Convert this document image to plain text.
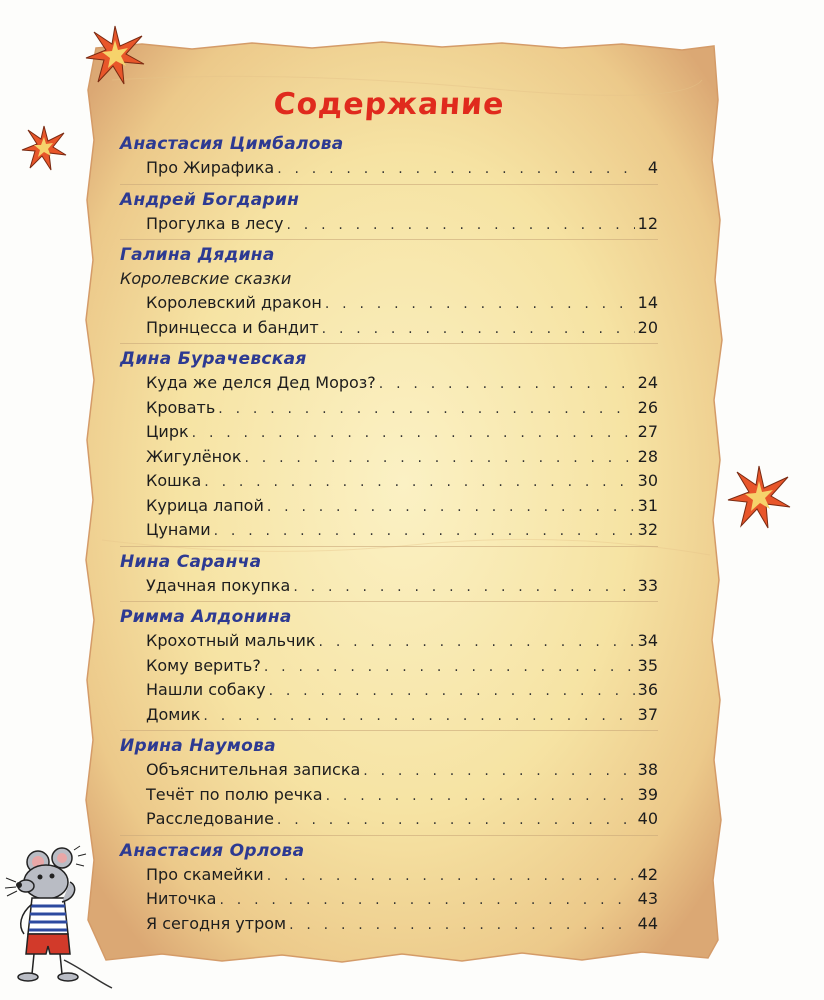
Содержание
Анастасия Цимбалова
Про Жирафика . . .	4
Андрей Богдарин
Прогулка в лесу . . .	12
Галина Дядина
Королевские сказки
Королевский дракон . . .	14
Принцесса и бандит . . .	20
Дина Бурачевская
Куда же делся Дед Мороз? . . .	24
Кровать . . .	26
Цирк . . .	27
Жигулёнок . . .	28
Кошка . . .	30
Курица лапой . . .	31
Цунами . . .	32
Нина Саранча
Удачная покупка . . .	33
Римма Алдонина
Крохотный мальчик . . .	34
Кому верить? . . .	35
Нашли собаку . . .	36
Домик . . .	37
Ирина Наумова
Объяснительная записка . . .	38
Течёт по полю речка . . .	39
Расследование . . .	40
Анастасия Орлова
Про скамейки . . .	42
Ниточка . . .	43
Я сегодня утром . . .	44
